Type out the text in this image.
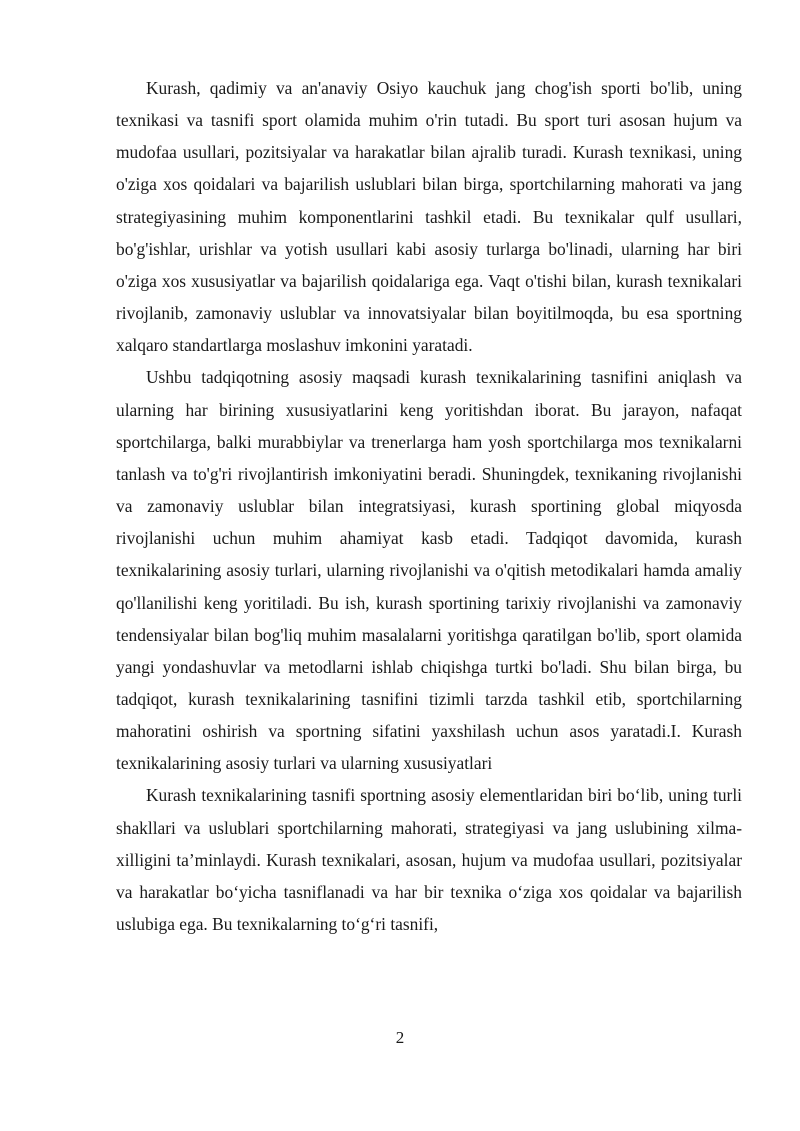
Kurash, qadimiy va an'anaviy Osiyo kauchuk jang chog'ish sporti bo'lib, uning texnikasi va tasnifi sport olamida muhim o'rin tutadi. Bu sport turi asosan hujum va mudofaa usullari, pozitsiyalar va harakatlar bilan ajralib turadi. Kurash texnikasi, uning o'ziga xos qoidalari va bajarilish uslublari bilan birga, sportchilarning mahorati va jang strategiyasining muhim komponentlarini tashkil etadi. Bu texnikalar qulf usullari, bo'g'ishlar, urishlar va yotish usullari kabi asosiy turlarga bo'linadi, ularning har biri o'ziga xos xususiyatlar va bajarilish qoidalariga ega. Vaqt o'tishi bilan, kurash texnikalari rivojlanib, zamonaviy uslublar va innovatsiyalar bilan boyitilmoqda, bu esa sportning xalqaro standartlarga moslashuv imkonini yaratadi.

Ushbu tadqiqotning asosiy maqsadi kurash texnikalarining tasnifini aniqlash va ularning har birining xususiyatlarini keng yoritishdan iborat. Bu jarayon, nafaqat sportchilarga, balki murabbiylar va trenerlarga ham yosh sportchilarga mos texnikalarni tanlash va to'g'ri rivojlantirish imkoniyatini beradi. Shuningdek, texnikaning rivojlanishi va zamonaviy uslublar bilan integratsiyasi, kurash sportining global miqyosda rivojlanishi uchun muhim ahamiyat kasb etadi. Tadqiqot davomida, kurash texnikalarining asosiy turlari, ularning rivojlanishi va o'qitish metodikalari hamda amaliy qo'llanilishi keng yoritiladi. Bu ish, kurash sportining tarixiy rivojlanishi va zamonaviy tendensiyalar bilan bog'liq muhim masalalarni yoritishga qaratilgan bo'lib, sport olamida yangi yondashuvlar va metodlarni ishlab chiqishga turtki bo'ladi. Shu bilan birga, bu tadqiqot, kurash texnikalarining tasnifini tizimli tarzda tashkil etib, sportchilarning mahoratini oshirish va sportning sifatini yaxshilash uchun asos yaratadi.I. Kurash texnikalarining asosiy turlari va ularning xususiyatlari

Kurash texnikalarining tasnifi sportning asosiy elementlaridan biri bo‘lib, uning turli shakllari va uslublari sportchilarning mahorati, strategiyasi va jang uslubining xilma-xilligini ta’minlaydi. Kurash texnikalari, asosan, hujum va mudofaa usullari, pozitsiyalar va harakatlar bo‘yicha tasniflanadi va har bir texnika o‘ziga xos qoidalar va bajarilish uslubiga ega. Bu texnikalarning to‘g‘ri tasnifi,

2
